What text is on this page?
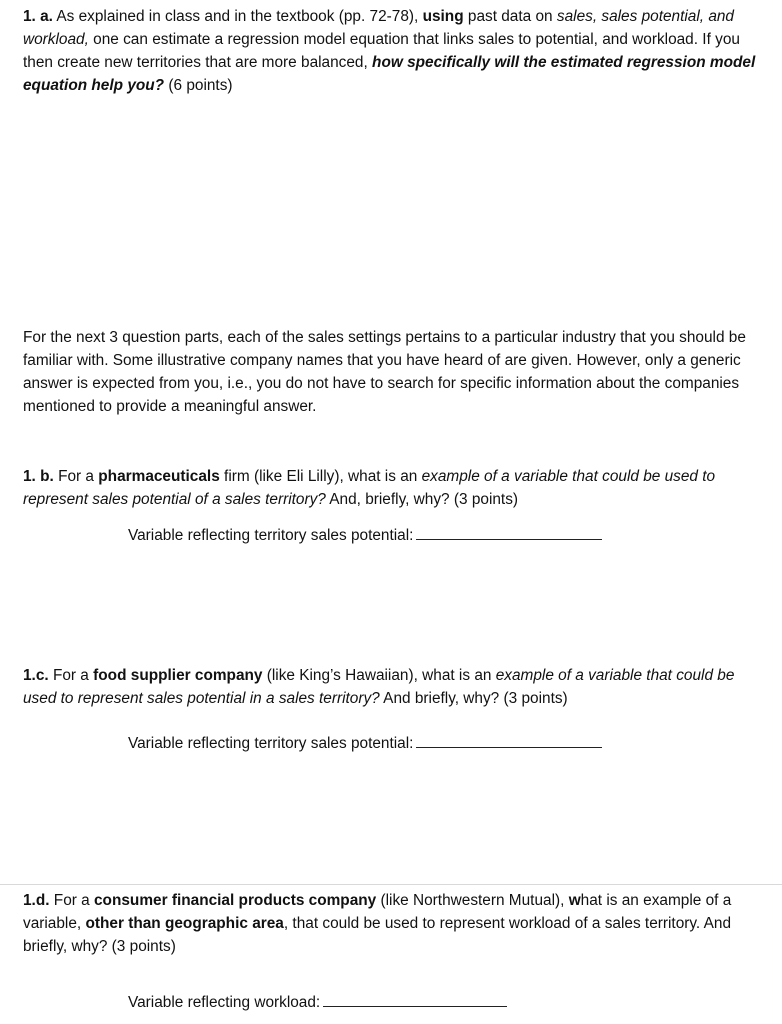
1. a. As explained in class and in the textbook (pp. 72-78), using past data on sales, sales potential, and workload, one can estimate a regression model equation that links sales to potential, and workload. If you then create new territories that are more balanced, how specifically will the estimated regression model equation help you? (6 points)

For the next 3 question parts, each of the sales settings pertains to a particular industry that you should be familiar with. Some illustrative company names that you have heard of are given. However, only a generic answer is expected from you, i.e., you do not have to search for specific information about the companies mentioned to provide a meaningful answer.

1. b. For a pharmaceuticals firm (like Eli Lilly), what is an example of a variable that could be used to represent sales potential of a sales territory? And, briefly, why? (3 points)

Variable reflecting territory sales potential:

1.c. For a food supplier company (like King’s Hawaiian), what is an example of a variable that could be used to represent sales potential in a sales territory? And briefly, why? (3 points)

Variable reflecting territory sales potential:

1.d. For a consumer financial products company (like Northwestern Mutual), what is an example of a variable, other than geographic area, that could be used to represent workload of a sales territory. And briefly, why? (3 points)

Variable reflecting workload:
